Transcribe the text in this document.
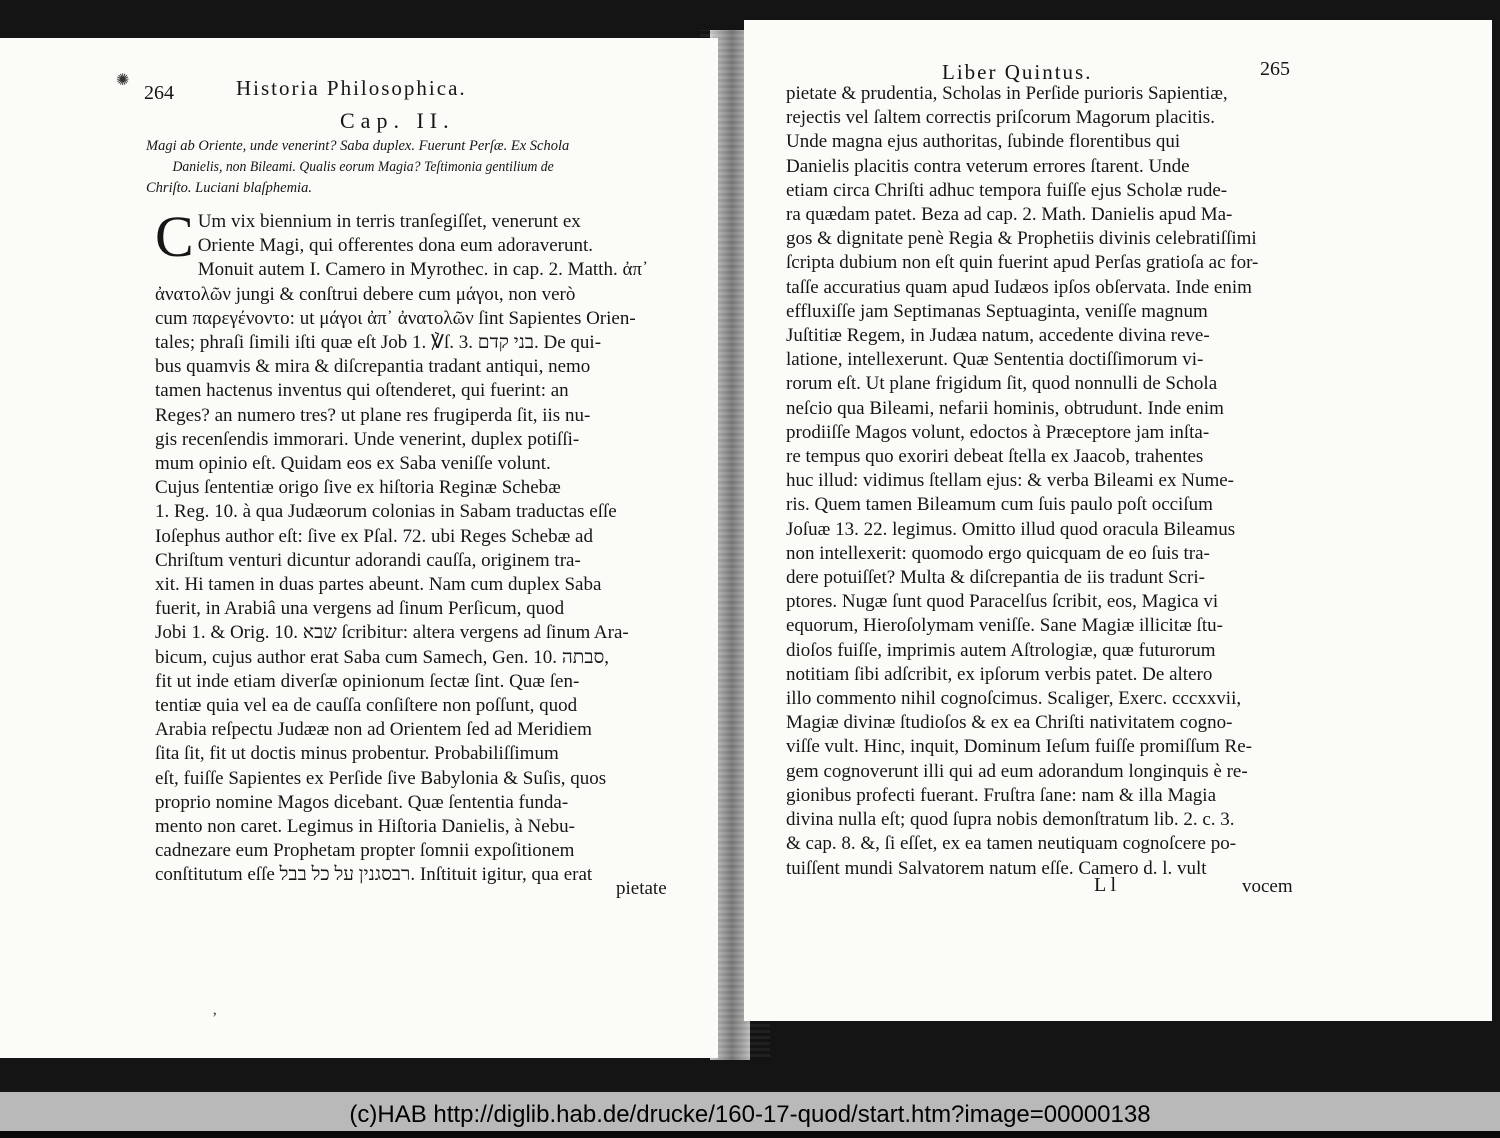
✺
264	Historia Philosophica.
Cap. II.
Magi ab Oriente, unde venerint? Saba duplex. Fuerunt Perſæ. Ex Schola
Danielis, non Bileami. Qualis eorum Magia? Teſtimonia gentilium de
Chriſto. Luciani blaſphemia.
C Um vix biennium in terris tranſegiſſet, venerunt ex
Oriente Magi, qui offerentes dona eum adoraverunt.
Monuit autem I. Camero in Myrothec. in cap. 2. Matth. ἀπ᾽
ἀνατολῶν jungi & conſtrui debere cum μάγοι, non verò
cum παρεγένοντο: ut μάγοι ἀπ᾽ ἀνατολῶν ſint Sapientes Orien-
tales; phraſi ſimili iſti quæ eſt Job 1. ℣ſ. 3. בני קדם. De qui-
bus quamvis & mira & diſcrepantia tradant antiqui, nemo
tamen hactenus inventus qui oſtenderet, qui fuerint: an
Reges? an numero tres? ut plane res frugiperda ſit, iis nu-
gis recenſendis immorari. Unde venerint, duplex potiſſi-
mum opinio eſt. Quidam eos ex Saba veniſſe volunt.
Cujus ſententiæ origo ſive ex hiſtoria Reginæ Schebæ
1. Reg. 10. à qua Judæorum colonias in Sabam traductas eſſe
Ioſephus author eſt: ſive ex Pſal. 72. ubi Reges Schebæ ad
Chriſtum venturi dicuntur adorandi cauſſa, originem tra-
xit. Hi tamen in duas partes abeunt. Nam cum duplex Saba
fuerit, in Arabiâ una vergens ad ſinum Perſicum, quod
Jobi 1. & Orig. 10. שבא ſcribitur: altera vergens ad ſinum Ara-
bicum, cujus author erat Saba cum Samech, Gen. 10. סבתה,
fit ut inde etiam diverſæ opinionum ſectæ ſint. Quæ ſen-
tentiæ quia vel ea de cauſſa conſiſtere non poſſunt, quod
Arabia reſpectu Judææ non ad Orientem ſed ad Meridiem
ſita ſit, fit ut doctis minus probentur. Probabiliſſimum
eſt, fuiſſe Sapientes ex Perſide ſive Babylonia & Suſis, quos
proprio nomine Magos dicebant. Quæ ſententia funda-
mento non caret. Legimus in Hiſtoria Danielis, à Nebu-
cadnezare eum Prophetam propter ſomnii expoſitionem
conſtitutum eſſe רבסגנין על כל בבל. Inſtituit igitur, qua erat
pietate
ʼ
Liber Quintus.	265
pietate & prudentia, Scholas in Perſide purioris Sapientiæ,
rejectis vel ſaltem correctis priſcorum Magorum placitis.
Unde magna ejus authoritas, ſubinde florentibus qui
Danielis placitis contra veterum errores ſtarent. Unde
etiam circa Chriſti adhuc tempora fuiſſe ejus Scholæ rude-
ra quædam patet. Beza ad cap. 2. Math. Danielis apud Ma-
gos & dignitate penè Regia & Prophetiis divinis celebratiſſimi
ſcripta dubium non eſt quin fuerint apud Perſas gratioſa ac for-
taſſe accuratius quam apud Iudæos ipſos obſervata. Inde enim
effluxiſſe jam Septimanas Septuaginta, veniſſe magnum
Juſtitiæ Regem, in Judæa natum, accedente divina reve-
latione, intellexerunt. Quæ Sententia doctiſſimorum vi-
rorum eſt. Ut plane frigidum ſit, quod nonnulli de Schola
neſcio qua Bileami, nefarii hominis, obtrudunt. Inde enim
prodiiſſe Magos volunt, edoctos à Præceptore jam inſta-
re tempus quo exoriri debeat ſtella ex Jaacob, trahentes
huc illud: vidimus ſtellam ejus: & verba Bileami ex Nume-
ris. Quem tamen Bileamum cum ſuis paulo poſt occiſum
Joſuæ 13. 22. legimus. Omitto illud quod oracula Bileamus
non intellexerit: quomodo ergo quicquam de eo ſuis tra-
dere potuiſſet? Multa & diſcrepantia de iis tradunt Scri-
ptores. Nugæ ſunt quod Paracelſus ſcribit, eos, Magica vi
equorum, Hieroſolymam veniſſe. Sane Magiæ illicitæ ſtu-
dioſos fuiſſe, imprimis autem Aſtrologiæ, quæ futurorum
notitiam ſibi adſcribit, ex ipſorum verbis patet. De altero
illo commento nihil cognoſcimus. Scaliger, Exerc. cccxxvii,
Magiæ divinæ ſtudioſos & ex ea Chriſti nativitatem cogno-
viſſe vult. Hinc, inquit, Dominum Ieſum fuiſſe promiſſum Re-
gem cognoverunt illi qui ad eum adorandum longinquis è re-
gionibus profecti fuerant. Fruſtra ſane: nam & illa Magia
divina nulla eſt; quod ſupra nobis demonſtratum lib. 2. c. 3.
& cap. 8. &, ſi eſſet, ex ea tamen neutiquam cognoſcere po-
tuiſſent mundi Salvatorem natum eſſe. Camero d. l. vult
L l	vocem
(c)HAB http://diglib.hab.de/drucke/160-17-quod/start.htm?image=00000138
